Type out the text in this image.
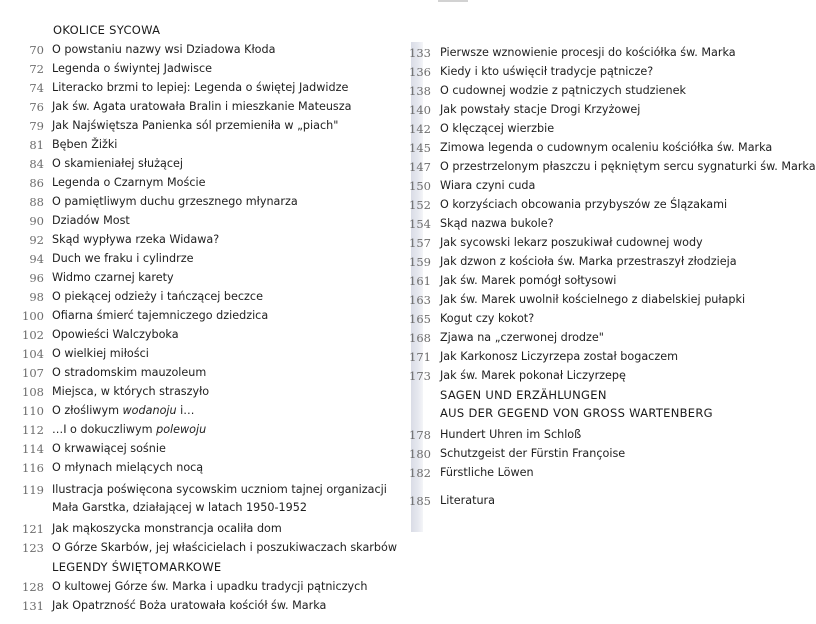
OKOLICE SYCOWA
70 O powstaniu nazwy wsi Dziadowa Kłoda
72 Legenda o świyntej Jadwisce
74 Literacko brzmi to lepiej: Legenda o świętej Jadwidze
76 Jak św. Agata uratowała Bralin i mieszkanie Mateusza
79 Jak Najświętsza Panienka sól przemieniła w „piach"
81 Bęben Žižki
84 O skamieniałej służącej
86 Legenda o Czarnym Moście
88 O pamiętliwym duchu grzesznego młynarza
90 Dziadów Most
92 Skąd wypływa rzeka Widawa?
94 Duch we fraku i cylindrze
96 Widmo czarnej karety
98 O piekącej odzieży i tańczącej beczce
100 Ofiarna śmierć tajemniczego dziedzica
102 Opowieści Walczyboka
104 O wielkiej miłości
107 O stradomskim mauzoleum
108 Miejsca, w których straszyło
110 O złośliwym wodanoju i…
112 …I o dokuczliwym polewoju
114 O krwawiącej sośnie
116 O młynach mielących nocą
119 Ilustracja poświęcona sycowskim uczniom tajnej organizacji
Mała Garstka, działającej w latach 1950-1952
121 Jak mąkoszycka monstrancja ocaliła dom
123 O Górze Skarbów, jej właścicielach i poszukiwaczach skarbów
LEGENDY ŚWIĘTOMARKOWE
128 O kultowej Górze św. Marka i upadku tradycji pątniczych
131 Jak Opatrzność Boża uratowała kościół św. Marka
133 Pierwsze wznowienie procesji do kościółka św. Marka
136 Kiedy i kto uświęcił tradycje pątnicze?
138 O cudownej wodzie z pątniczych studzienek
140 Jak powstały stacje Drogi Krzyżowej
142 O klęczącej wierzbie
145 Zimowa legenda o cudownym ocaleniu kościółka św. Marka
147 O przestrzelonym płaszczu i pękniętym sercu sygnaturki św. Marka
150 Wiara czyni cuda
152 O korzyściach obcowania przybyszów ze Ślązakami
154 Skąd nazwa bukole?
157 Jak sycowski lekarz poszukiwał cudownej wody
159 Jak dzwon z kościoła św. Marka przestraszył złodzieja
161 Jak św. Marek pomógł sołtysowi
163 Jak św. Marek uwolnił kościelnego z diabelskiej pułapki
165 Kogut czy kokot?
168 Zjawa na „czerwonej drodze"
171 Jak Karkonosz Liczyrzepa został bogaczem
173 Jak św. Marek pokonał Liczyrzepę
SAGEN UND ERZÄHLUNGEN
AUS DER GEGEND VON GROSS WARTENBERG
178 Hundert Uhren im Schloß
180 Schutzgeist der Fürstin Françoise
182 Fürstliche Löwen
185 Literatura
